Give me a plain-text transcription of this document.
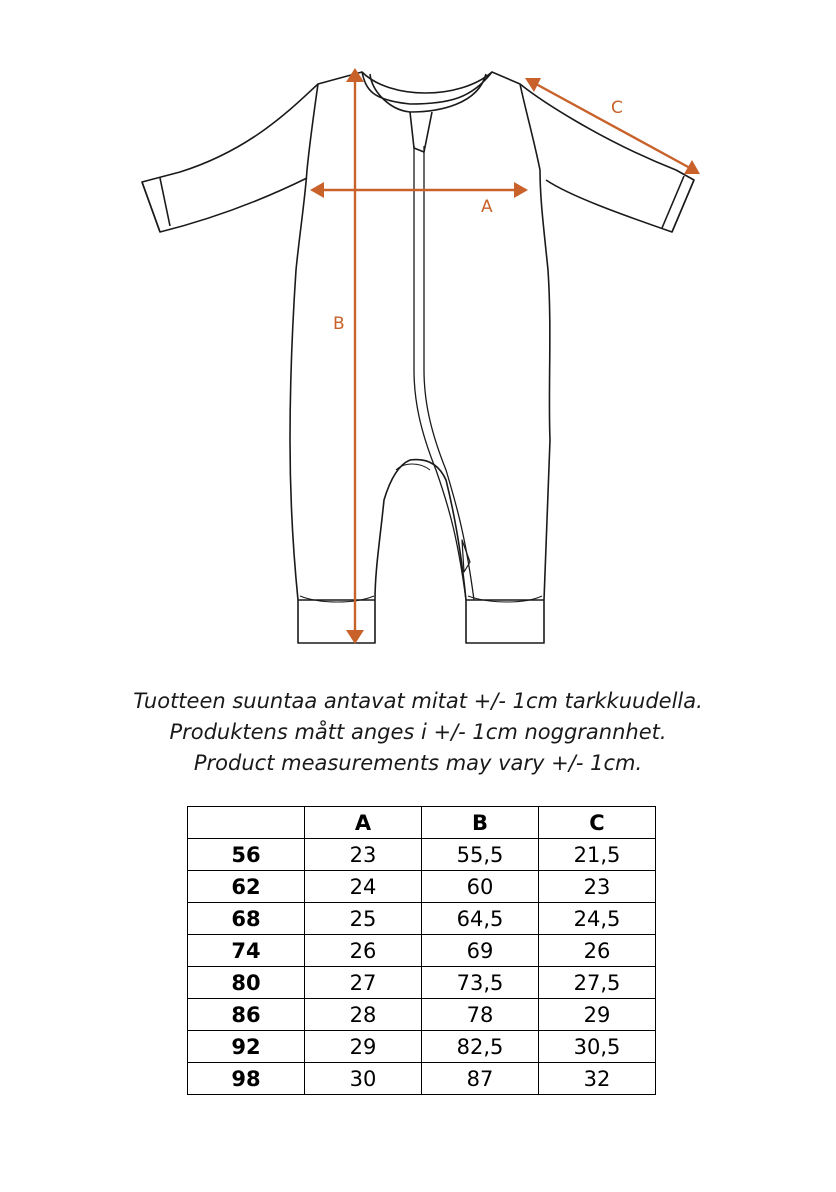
A
B
C
Tuotteen suuntaa antavat mitat +/- 1cm tarkkuudella.
Produktens mått anges i +/- 1cm noggrannhet.
Product measurements may vary +/- 1cm.
	A	B	C
56	23	55,5	21,5
62	24	60	23
68	25	64,5	24,5
74	26	69	26
80	27	73,5	27,5
86	28	78	29
92	29	82,5	30,5
98	30	87	32
